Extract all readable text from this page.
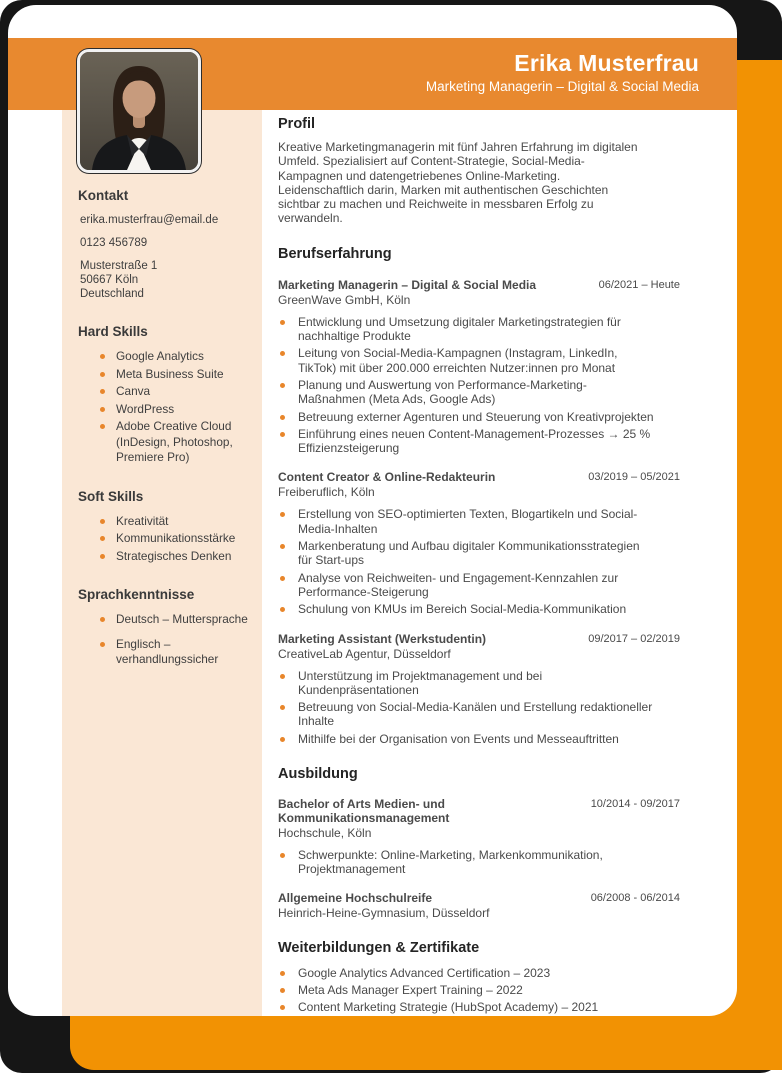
Erika Musterfrau
Marketing Managerin – Digital & Social Media
Kontakt
erika.musterfrau@email.de
0123 456789
Musterstraße 1
50667 Köln
Deutschland
Hard Skills
Google Analytics
Meta Business Suite
Canva
WordPress
Adobe Creative Cloud (InDesign, Photoshop, Premiere Pro)
Soft Skills
Kreativität
Kommunikationsstärke
Strategisches Denken
Sprachkenntnisse
Deutsch – Muttersprache
Englisch – verhandlungssicher
Profil

Kreative Marketingmanagerin mit fünf Jahren Erfahrung im digitalen Umfeld. Spezialisiert auf Content-Strategie, Social-Media-Kampagnen und datengetriebenes Online-Marketing. Leidenschaftlich darin, Marken mit authentischen Geschichten sichtbar zu machen und Reichweite in messbaren Erfolg zu verwandeln.

Berufserfahrung
Marketing Managerin – Digital & Social Media
GreenWave GmbH, Köln
06/2021 – Heute
Entwicklung und Umsetzung digitaler Marketingstrategien für nachhaltige Produkte
Leitung von Social-Media-Kampagnen (Instagram, LinkedIn, TikTok) mit über 200.000 erreichten Nutzer:innen pro Monat
Planung und Auswertung von Performance-Marketing-Maßnahmen (Meta Ads, Google Ads)
Betreuung externer Agenturen und Steuerung von Kreativprojekten
Einführung eines neuen Content-Management-Prozesses → 25 % Effizienzsteigerung
Content Creator & Online-Redakteurin
Freiberuflich, Köln
03/2019 – 05/2021
Erstellung von SEO-optimierten Texten, Blogartikeln und Social-Media-Inhalten
Markenberatung und Aufbau digitaler Kommunikationsstrategien für Start-ups
Analyse von Reichweiten- und Engagement-Kennzahlen zur Performance-Steigerung
Schulung von KMUs im Bereich Social-Media-Kommunikation
Marketing Assistant (Werkstudentin)
CreativeLab Agentur, Düsseldorf
09/2017 – 02/2019
Unterstützung im Projektmanagement und bei Kundenpräsentationen
Betreuung von Social-Media-Kanälen und Erstellung redaktioneller Inhalte
Mithilfe bei der Organisation von Events und Messeauftritten
Ausbildung
Bachelor of Arts Medien- und Kommunikationsmanagement
Hochschule, Köln
10/2014 - 09/2017
Schwerpunkte: Online-Marketing, Markenkommunikation, Projektmanagement
Allgemeine Hochschulreife
Heinrich-Heine-Gymnasium, Düsseldorf
06/2008 - 06/2014
Weiterbildungen & Zertifikate
Google Analytics Advanced Certification – 2023
Meta Ads Manager Expert Training – 2022
Content Marketing Strategie (HubSpot Academy) – 2021
